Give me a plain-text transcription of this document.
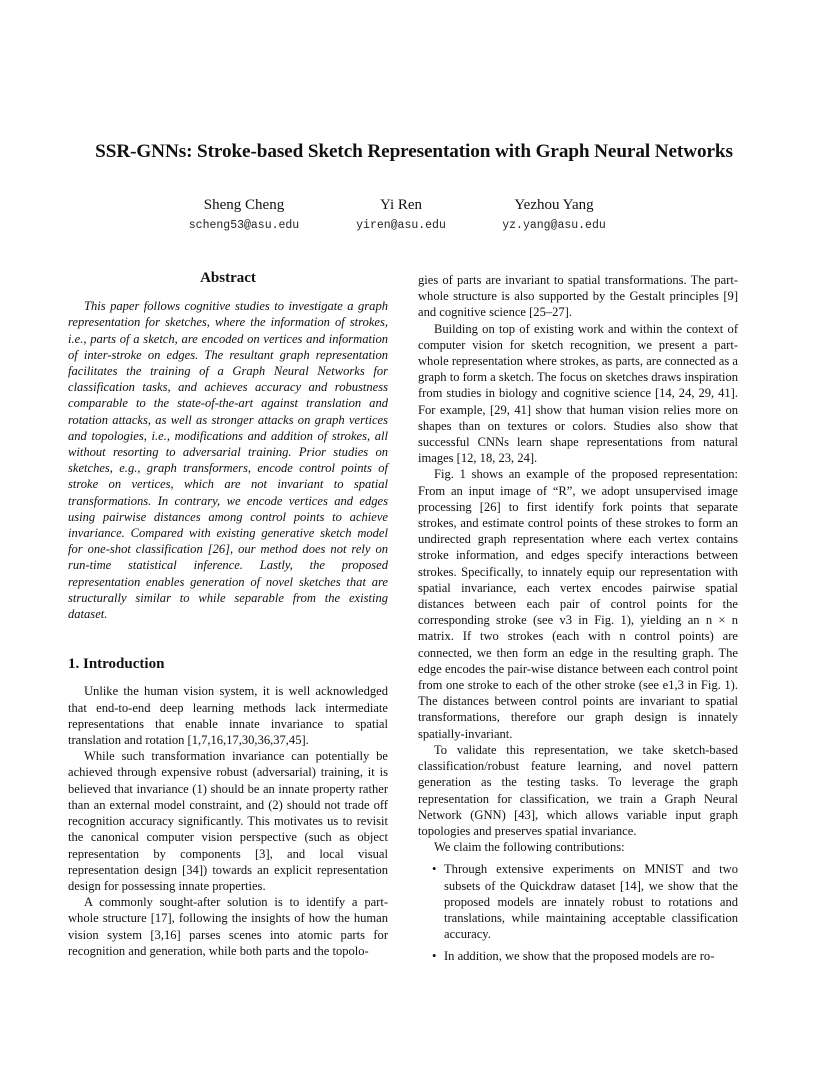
SSR-GNNs: Stroke-based Sketch Representation with Graph Neural Networks
Sheng Cheng
scheng53@asu.edu
Yi Ren
yiren@asu.edu
Yezhou Yang
yz.yang@asu.edu
Abstract

This paper follows cognitive studies to investigate a graph representation for sketches, where the information of strokes, i.e., parts of a sketch, are encoded on vertices and information of inter-stroke on edges. The resultant graph representation facilitates the training of a Graph Neural Networks for classification tasks, and achieves accuracy and robustness comparable to the state-of-the-art against translation and rotation attacks, as well as stronger attacks on graph vertices and topologies, i.e., modifications and addition of strokes, all without resorting to adversarial training. Prior studies on sketches, e.g., graph transformers, encode control points of stroke on vertices, which are not invariant to spatial transformations. In contrary, we encode vertices and edges using pairwise distances among control points to achieve invariance. Compared with existing generative sketch model for one-shot classification [26], our method does not rely on run-time statistical inference. Lastly, the proposed representation enables generation of novel sketches that are structurally similar to while separable from the existing dataset.

1. Introduction

Unlike the human vision system, it is well acknowledged that end-to-end deep learning methods lack intermediate representations that enable innate invariance to spatial translation and rotation [1,7,16,17,30,36,37,45].

While such transformation invariance can potentially be achieved through expensive robust (adversarial) training, it is believed that invariance (1) should be an innate property rather than an external model constraint, and (2) should not trade off recognition accuracy significantly. This motivates us to revisit the canonical computer vision perspective (such as object representation by components [3], and local visual representation design [34]) towards an explicit representation design for possessing innate properties.

A commonly sought-after solution is to identify a part-whole structure [17], following the insights of how the human vision system [3,16] parses scenes into atomic parts for recognition and generation, while both parts and the topolo-

gies of parts are invariant to spatial transformations. The part-whole structure is also supported by the Gestalt principles [9] and cognitive science [25–27].

Building on top of existing work and within the context of computer vision for sketch recognition, we present a part-whole representation where strokes, as parts, are connected as a graph to form a sketch. The focus on sketches draws inspiration from studies in biology and cognitive science [14, 24, 29, 41]. For example, [29, 41] show that human vision relies more on shapes than on textures or colors. Studies also show that successful CNNs learn shape representations from natural images [12, 18, 23, 24].

Fig. 1 shows an example of the proposed representation: From an input image of “R”, we adopt unsupervised image processing [26] to first identify fork points that separate strokes, and estimate control points of these strokes to form an undirected graph representation where each vertex contains stroke information, and edges specify interactions between strokes. Specifically, to innately equip our representation with spatial invariance, each vertex encodes pairwise spatial distances between each pair of control points for the corresponding stroke (see v3 in Fig. 1), yielding an n × n matrix. If two strokes (each with n control points) are connected, we then form an edge in the resulting graph. The edge encodes the pair-wise distance between each control point from one stroke to each of the other stroke (see e1,3 in Fig. 1). The distances between control points are invariant to spatial transformations, therefore our graph design is innately spatially-invariant.

To validate this representation, we take sketch-based classification/robust feature learning, and novel pattern generation as the testing tasks. To leverage the graph representation for classification, we train a Graph Neural Network (GNN) [43], which allows variable input graph topologies and preserves spatial invariance.

We claim the following contributions:

• Through extensive experiments on MNIST and two subsets of the Quickdraw dataset [14], we show that the proposed models are innately robust to rotations and translations, while maintaining acceptable classification accuracy.
• In addition, we show that the proposed models are ro-
